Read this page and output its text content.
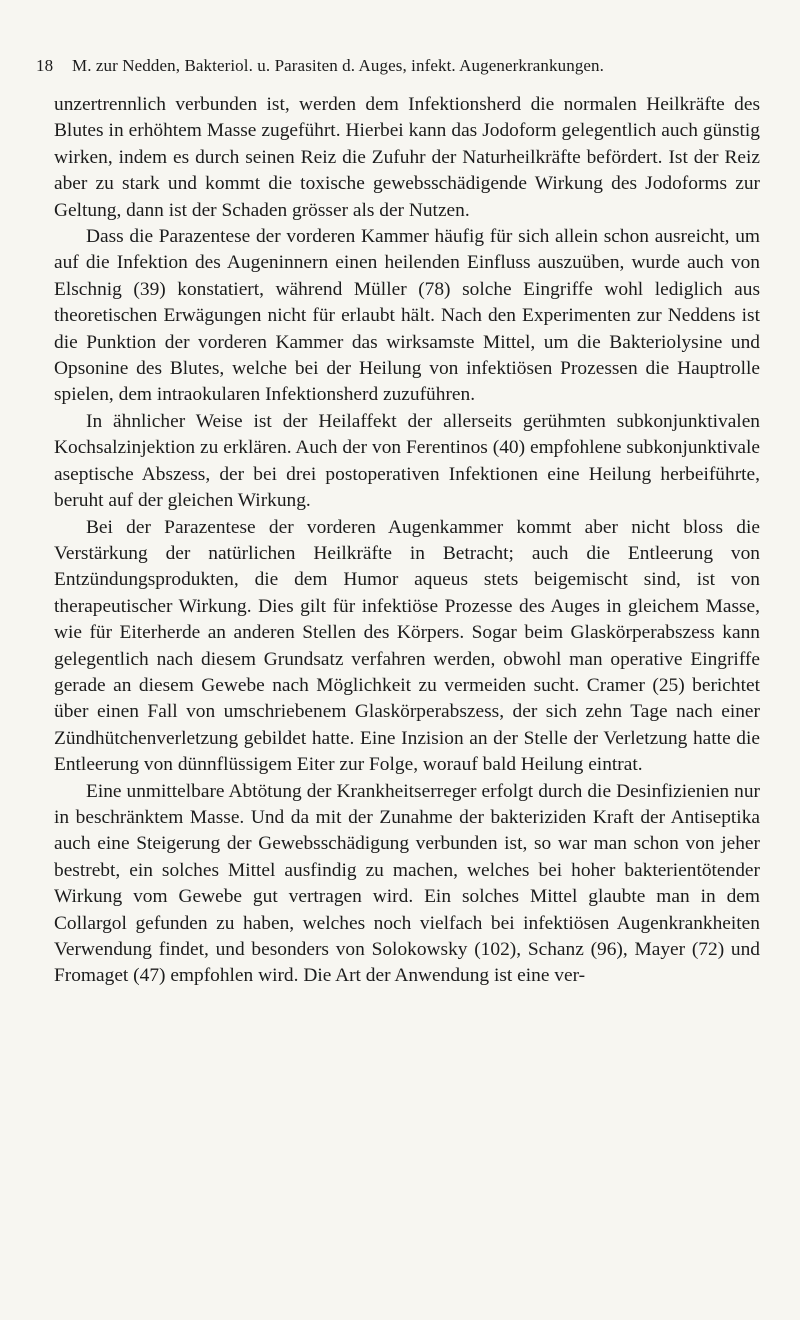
18	M. zur Nedden, Bakteriol. u. Parasiten d. Auges, infekt. Augenerkrankungen.

unzertrennlich verbunden ist, werden dem Infektionsherd die normalen Heilkräfte des Blutes in erhöhtem Masse zugeführt. Hierbei kann das Jodoform gelegentlich auch günstig wirken, indem es durch seinen Reiz die Zufuhr der Naturheilkräfte befördert. Ist der Reiz aber zu stark und kommt die toxische gewebsschädigende Wirkung des Jodoforms zur Geltung, dann ist der Schaden grösser als der Nutzen.

Dass die Parazentese der vorderen Kammer häufig für sich allein schon ausreicht, um auf die Infektion des Augeninnern einen heilenden Einfluss auszuüben, wurde auch von Elschnig (39) konstatiert, während Müller (78) solche Eingriffe wohl lediglich aus theoretischen Erwägungen nicht für erlaubt hält. Nach den Experimenten zur Neddens ist die Punktion der vorderen Kammer das wirksamste Mittel, um die Bakteriolysine und Opsonine des Blutes, welche bei der Heilung von infektiösen Prozessen die Hauptrolle spielen, dem intraokularen Infektionsherd zuzuführen.

In ähnlicher Weise ist der Heilaffekt der allerseits gerühmten subkonjunktivalen Kochsalzinjektion zu erklären. Auch der von Ferentinos (40) empfohlene subkonjunktivale aseptische Abszess, der bei drei postoperativen Infektionen eine Heilung herbeiführte, beruht auf der gleichen Wirkung.

Bei der Parazentese der vorderen Augenkammer kommt aber nicht bloss die Verstärkung der natürlichen Heilkräfte in Betracht; auch die Entleerung von Entzündungsprodukten, die dem Humor aqueus stets beigemischt sind, ist von therapeutischer Wirkung. Dies gilt für infektiöse Prozesse des Auges in gleichem Masse, wie für Eiterherde an anderen Stellen des Körpers. Sogar beim Glaskörperabszess kann gelegentlich nach diesem Grundsatz verfahren werden, obwohl man operative Eingriffe gerade an diesem Gewebe nach Möglichkeit zu vermeiden sucht. Cramer (25) berichtet über einen Fall von umschriebenem Glaskörperabszess, der sich zehn Tage nach einer Zündhütchenverletzung gebildet hatte. Eine Inzision an der Stelle der Verletzung hatte die Entleerung von dünnflüssigem Eiter zur Folge, worauf bald Heilung eintrat.

Eine unmittelbare Abtötung der Krankheitserreger erfolgt durch die Desinfizienien nur in beschränktem Masse. Und da mit der Zunahme der bakteriziden Kraft der Antiseptika auch eine Steigerung der Gewebsschädigung verbunden ist, so war man schon von jeher bestrebt, ein solches Mittel ausfindig zu machen, welches bei hoher bakterientötender Wirkung vom Gewebe gut vertragen wird. Ein solches Mittel glaubte man in dem Collargol gefunden zu haben, welches noch vielfach bei infektiösen Augenkrankheiten Verwendung findet, und besonders von Solokowsky (102), Schanz (96), Mayer (72) und Fromaget (47) empfohlen wird. Die Art der Anwendung ist eine ver-
